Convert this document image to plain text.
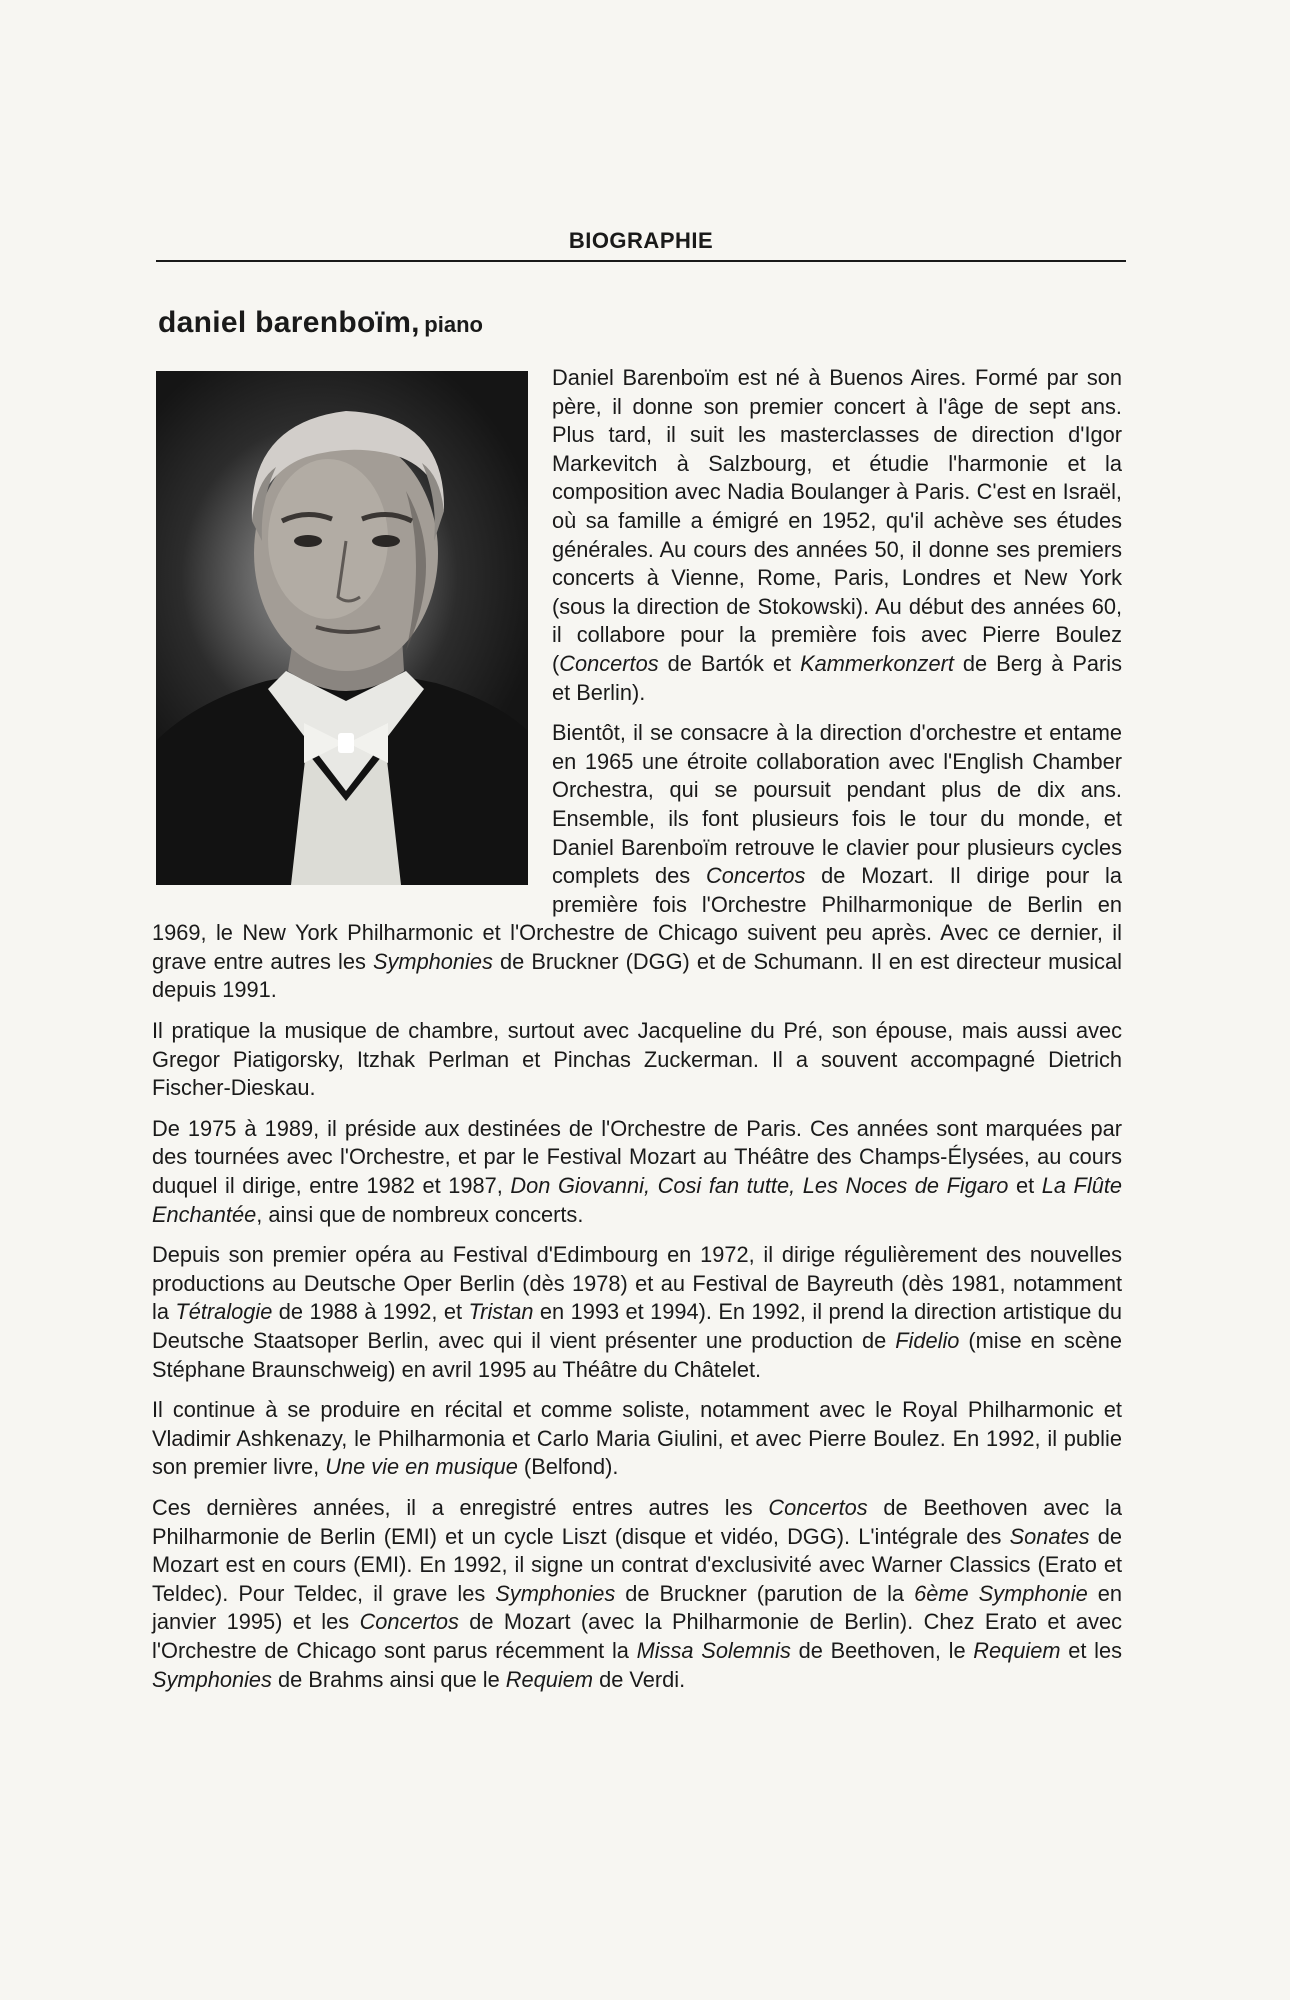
BIOGRAPHIE
daniel barenboïm, piano

Daniel Barenboïm est né à Buenos Aires. Formé par son père, il donne son premier concert à l'âge de sept ans. Plus tard, il suit les masterclasses de direction d'Igor Markevitch à Salzbourg, et étudie l'harmonie et la composition avec Nadia Boulanger à Paris. C'est en Israël, où sa famille a émigré en 1952, qu'il achève ses études générales. Au cours des années 50, il donne ses premiers concerts à Vienne, Rome, Paris, Londres et New York (sous la direction de Stokowski). Au début des années 60, il collabore pour la première fois avec Pierre Boulez (Concertos de Bartók et Kammerkonzert de Berg à Paris et Berlin).

Bientôt, il se consacre à la direction d'orchestre et entame en 1965 une étroite collaboration avec l'English Chamber Orchestra, qui se poursuit pendant plus de dix ans. Ensemble, ils font plusieurs fois le tour du monde, et Daniel Barenboïm retrouve le clavier pour plusieurs cycles complets des Concertos de Mozart. Il dirige pour la première fois l'Orchestre Philharmonique de Berlin en 1969, le New York Philharmonic et l'Orchestre de Chicago suivent peu après. Avec ce dernier, il grave entre autres les Symphonies de Bruckner (DGG) et de Schumann. Il en est directeur musical depuis 1991.

Il pratique la musique de chambre, surtout avec Jacqueline du Pré, son épouse, mais aussi avec Gregor Piatigorsky, Itzhak Perlman et Pinchas Zuckerman. Il a souvent accompagné Dietrich Fischer-Dieskau.

De 1975 à 1989, il préside aux destinées de l'Orchestre de Paris. Ces années sont marquées par des tournées avec l'Orchestre, et par le Festival Mozart au Théâtre des Champs-Élysées, au cours duquel il dirige, entre 1982 et 1987, Don Giovanni, Cosi fan tutte, Les Noces de Figaro et La Flûte Enchantée, ainsi que de nombreux concerts.

Depuis son premier opéra au Festival d'Edimbourg en 1972, il dirige régulièrement des nouvelles productions au Deutsche Oper Berlin (dès 1978) et au Festival de Bayreuth (dès 1981, notamment la Tétralogie de 1988 à 1992, et Tristan en 1993 et 1994). En 1992, il prend la direction artistique du Deutsche Staatsoper Berlin, avec qui il vient présenter une production de Fidelio (mise en scène Stéphane Braunschweig) en avril 1995 au Théâtre du Châtelet.

Il continue à se produire en récital et comme soliste, notamment avec le Royal Philharmonic et Vladimir Ashkenazy, le Philharmonia et Carlo Maria Giulini, et avec Pierre Boulez. En 1992, il publie son premier livre, Une vie en musique (Belfond).

Ces dernières années, il a enregistré entres autres les Concertos de Beethoven avec la Philharmonie de Berlin (EMI) et un cycle Liszt (disque et vidéo, DGG). L'intégrale des Sonates de Mozart est en cours (EMI). En 1992, il signe un contrat d'exclusivité avec Warner Classics (Erato et Teldec). Pour Teldec, il grave les Symphonies de Bruckner (parution de la 6ème Symphonie en janvier 1995) et les Concertos de Mozart (avec la Philharmonie de Berlin). Chez Erato et avec l'Orchestre de Chicago sont parus récemment la Missa Solemnis de Beethoven, le Requiem et les Symphonies de Brahms ainsi que le Requiem de Verdi.
